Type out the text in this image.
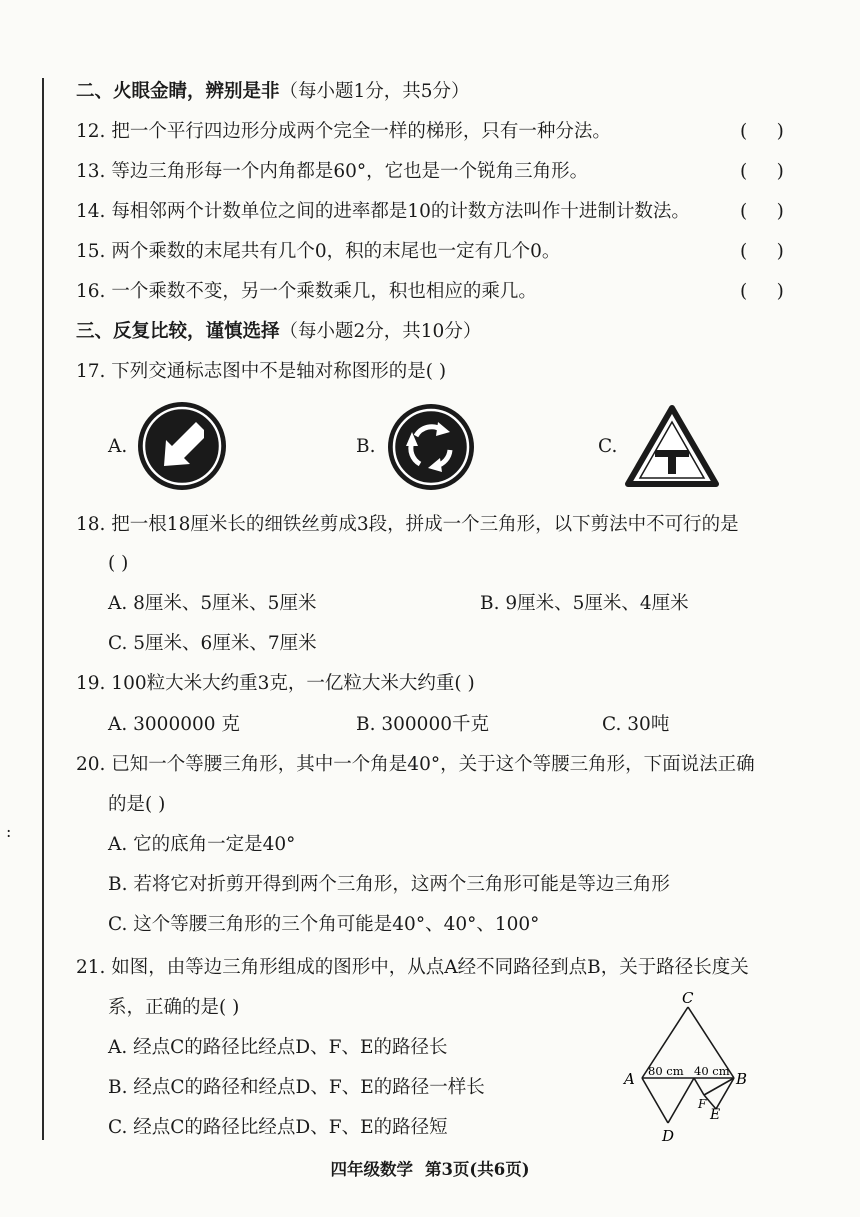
:
二、火眼金睛，辨别是非（每小题1分，共5分）
12. 把一个平行四边形分成两个完全一样的梯形，只有一种分法。	(     )
13. 等边三角形每一个内角都是60°，它也是一个锐角三角形。	(     )
14. 每相邻两个计数单位之间的进率都是10的计数方法叫作十进制计数法。	(     )
15. 两个乘数的末尾共有几个0，积的末尾也一定有几个0。	(     )
16. 一个乘数不变，另一个乘数乘几，积也相应的乘几。	(     )
三、反复比较，谨慎选择（每小题2分，共10分）
17. 下列交通标志图中不是轴对称图形的是( )
A.	B.	C.
18. 把一根18厘米长的细铁丝剪成3段，拼成一个三角形，以下剪法中不可行的是
( )
A. 8厘米、5厘米、5厘米	B. 9厘米、5厘米、4厘米
C. 5厘米、6厘米、7厘米
19. 100粒大米大约重3克，一亿粒大米大约重( )
A. 3000000 克	B. 300000千克	C. 30吨
20. 已知一个等腰三角形，其中一个角是40°，关于这个等腰三角形，下面说法正确
的是( )
A. 它的底角一定是40°
B. 若将它对折剪开得到两个三角形，这两个三角形可能是等边三角形
C. 这个等腰三角形的三个角可能是40°、40°、100°
21. 如图，由等边三角形组成的图形中，从点A经不同路径到点B，关于路径长度关
系，正确的是( )
A. 经点C的路径比经点D、F、E的路径长
B. 经点C的路径和经点D、F、E的路径一样长
C. 经点C的路径比经点D、F、E的路径短
C
A	B
D
E
F
80 cm 40 cm
四年级数学 第3页(共6页)
